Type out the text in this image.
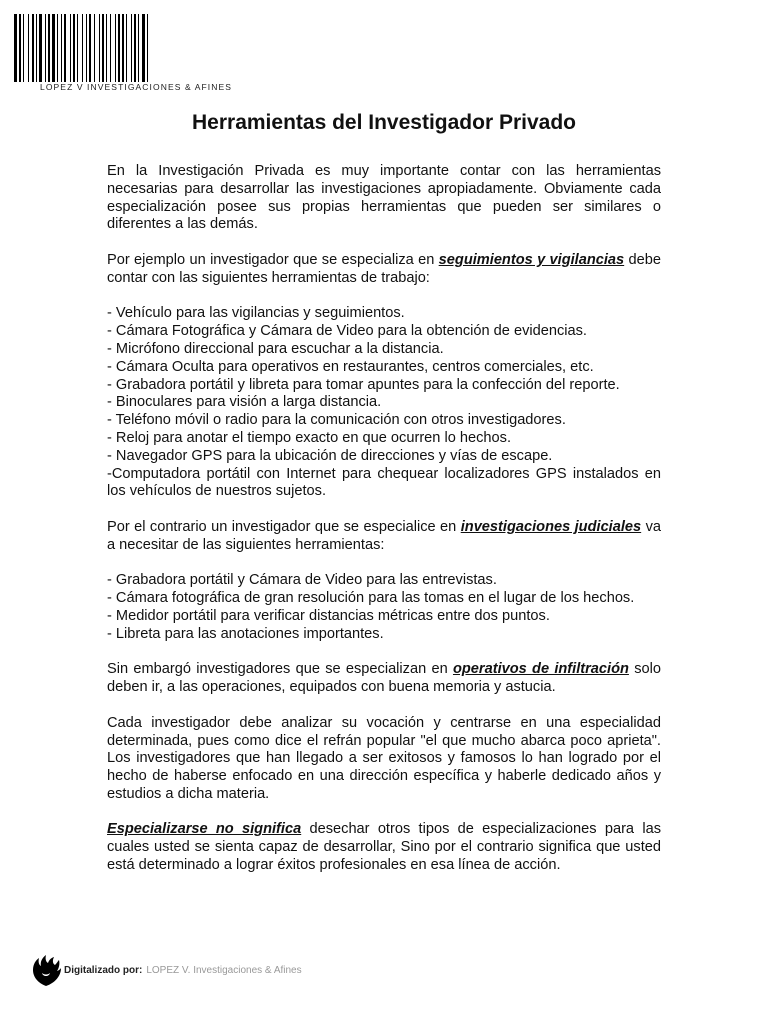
LOPEZ V INVESTIGACIONES & AFINES
Herramientas del Investigador Privado

En la Investigación Privada es muy importante contar con las herramientas necesarias para desarrollar las investigaciones apropiadamente. Obviamente cada especialización posee sus propias herramientas que pueden ser similares o diferentes a las demás.

Por ejemplo un investigador que se especializa en seguimientos y vigilancias debe contar con las siguientes herramientas de trabajo:

- Vehículo para las vigilancias y seguimientos.
- Cámara Fotográfica y Cámara de Video para la obtención de evidencias.
- Micrófono direccional para escuchar a la distancia.
- Cámara Oculta para operativos en restaurantes, centros comerciales, etc.
- Grabadora portátil y libreta para tomar apuntes para la confección del reporte.
- Binoculares para visión a larga distancia.
- Teléfono móvil o radio para la comunicación con otros investigadores.
- Reloj para anotar el tiempo exacto en que ocurren lo hechos.
- Navegador GPS para la ubicación de direcciones y vías de escape.
-Computadora portátil con Internet para chequear localizadores GPS instalados en los vehículos de nuestros sujetos.

Por el contrario un investigador que se especialice en investigaciones judiciales va a necesitar de las siguientes herramientas:

- Grabadora portátil y Cámara de Video para las entrevistas.
- Cámara fotográfica de gran resolución para las tomas en el lugar de los hechos.
- Medidor portátil para verificar distancias métricas entre dos puntos.
- Libreta para las anotaciones importantes.

Sin embargó investigadores que se especializan en operativos de infiltración solo deben ir, a las operaciones, equipados con buena memoria y astucia.

Cada investigador debe analizar su vocación y centrarse en una especialidad determinada, pues como dice el refrán popular "el que mucho abarca poco aprieta". Los investigadores que han llegado a ser exitosos y famosos lo han logrado por el hecho de haberse enfocado en una dirección específica y haberle dedicado años y estudios a dicha materia.

Especializarse no significa desechar otros tipos de especializaciones para las cuales usted se sienta capaz de desarrollar, Sino por el contrario significa que usted está determinado a lograr éxitos profesionales en esa línea de acción.

Digitalizado por: LOPEZ V. Investigaciones & Afines
